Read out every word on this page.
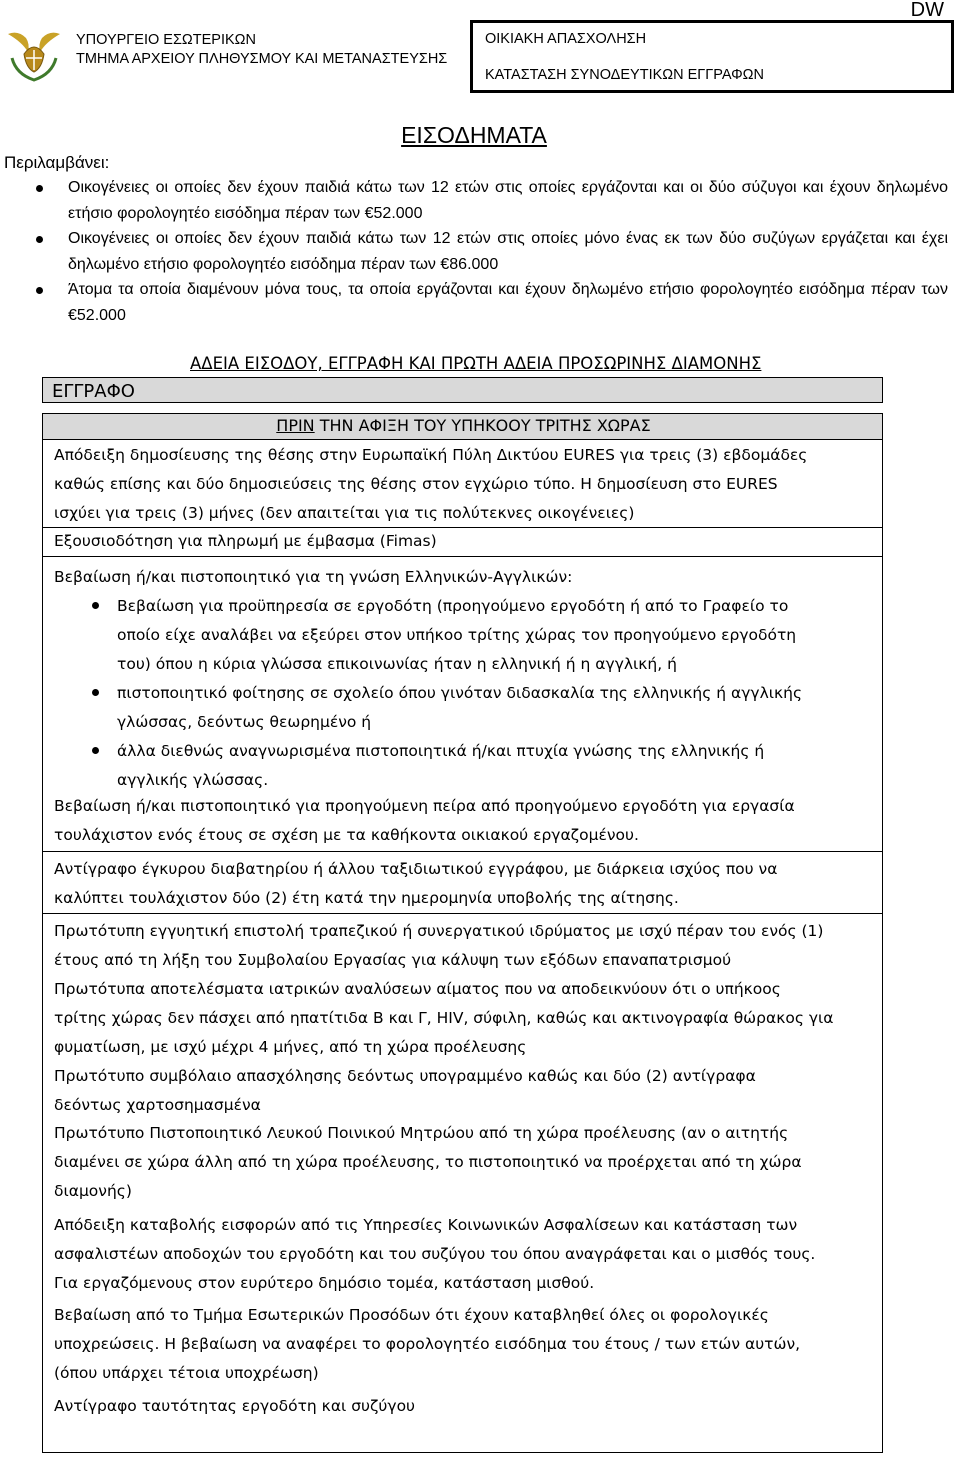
DW
ΥΠΟΥΡΓΕΙΟ ΕΣΩΤΕΡΙΚΩΝ
ΤΜΗΜΑ ΑΡΧΕΙΟΥ ΠΛΗΘΥΣΜΟΥ ΚΑΙ ΜΕΤΑΝΑΣΤΕΥΣΗΣ
ΟΙΚΙΑΚΗ ΑΠΑΣΧΟΛΗΣΗ
ΚΑΤΑΣΤΑΣΗ ΣΥΝΟΔΕΥΤΙΚΩΝ ΕΓΓΡΑΦΩΝ
ΕΙΣΟΔΗΜΑΤΑ
Περιλαμβάνει:
Οικογένειες οι οποίες δεν έχουν παιδιά κάτω των 12 ετών στις οποίες εργάζονται και οι δύο σύζυγοι και έχουν δηλωμένο ετήσιο φορολογητέο εισόδημα πέραν των €52.000
Οικογένειες οι οποίες δεν έχουν παιδιά κάτω των 12 ετών στις οποίες μόνο ένας εκ των δύο συζύγων εργάζεται και έχει δηλωμένο ετήσιο φορολογητέο εισόδημα πέραν των €86.000
Άτομα τα οποία διαμένουν μόνα τους, τα οποία εργάζονται και έχουν δηλωμένο ετήσιο φορολογητέο εισόδημα πέραν των €52.000
ΑΔΕΙΑ ΕΙΣΟΔΟΥ, ΕΓΓΡΑΦΗ ΚΑΙ ΠΡΩΤΗ ΑΔΕΙΑ ΠΡΟΣΩΡΙΝΗΣ ΔΙΑΜΟΝΗΣ
ΕΓΓΡΑΦΟ
ΠΡΙΝ ΤΗΝ ΑΦΙΞΗ ΤΟΥ ΥΠΗΚΟΟΥ ΤΡΙΤΗΣ ΧΩΡΑΣ
Απόδειξη δημοσίευσης της θέσης στην Ευρωπαϊκή Πύλη Δικτύου EURES για τρεις (3) εβδομάδες
καθώς επίσης και δύο δημοσιεύσεις της θέσης στον εγχώριο τύπο. Η δημοσίευση στο EURES
ισχύει για τρεις (3) μήνες (δεν απαιτείται για τις πολύτεκνες οικογένειες)
Εξουσιοδότηση για πληρωμή με έμβασμα (Fimas)
Βεβαίωση ή/και πιστοποιητικό για τη γνώση Ελληνικών-Αγγλικών:
Βεβαίωση για προϋπηρεσία σε εργοδότη (προηγούμενο εργοδότη ή από το Γραφείο το
οποίο είχε αναλάβει να εξεύρει στον υπήκοο τρίτης χώρας τον προηγούμενο εργοδότη
του) όπου η κύρια γλώσσα επικοινωνίας ήταν η ελληνική ή η αγγλική, ή
πιστοποιητικό φοίτησης σε σχολείο όπου γινόταν διδασκαλία της ελληνικής ή αγγλικής
γλώσσας, δεόντως θεωρημένο ή
άλλα διεθνώς αναγνωρισμένα πιστοποιητικά ή/και πτυχία γνώσης της ελληνικής ή
αγγλικής γλώσσας.
Βεβαίωση ή/και πιστοποιητικό για προηγούμενη πείρα από προηγούμενο εργοδότη για εργασία
τουλάχιστον ενός έτους σε σχέση με τα καθήκοντα οικιακού εργαζομένου.
Αντίγραφο έγκυρου διαβατηρίου ή άλλου ταξιδιωτικού εγγράφου, με διάρκεια ισχύος που να
καλύπτει τουλάχιστον δύο (2) έτη κατά την ημερομηνία υποβολής της αίτησης.
Πρωτότυπη εγγυητική επιστολή τραπεζικού ή συνεργατικού ιδρύματος με ισχύ πέραν του ενός (1)
έτους από τη λήξη του Συμβολαίου Εργασίας για κάλυψη των εξόδων επαναπατρισμού
Πρωτότυπα αποτελέσματα ιατρικών αναλύσεων αίματος που να αποδεικνύουν ότι ο υπήκοος
τρίτης χώρας δεν πάσχει από ηπατίτιδα Β και Γ, HIV, σύφιλη, καθώς και ακτινογραφία θώρακος για
φυματίωση, με ισχύ μέχρι 4 μήνες, από τη χώρα προέλευσης
Πρωτότυπο συμβόλαιο απασχόλησης δεόντως υπογραμμένο καθώς και δύο (2) αντίγραφα
δεόντως χαρτοσημασμένα
Πρωτότυπο Πιστοποιητικό Λευκού Ποινικού Μητρώου από τη χώρα προέλευσης (αν ο αιτητής
διαμένει σε χώρα άλλη από τη χώρα προέλευσης, το πιστοποιητικό να προέρχεται από τη χώρα
διαμονής)
Απόδειξη καταβολής εισφορών από τις Υπηρεσίες Κοινωνικών Ασφαλίσεων και κατάσταση των
ασφαλιστέων αποδοχών του εργοδότη και του συζύγου του όπου αναγράφεται και ο μισθός τους.
Για εργαζόμενους στον ευρύτερο δημόσιο τομέα, κατάσταση μισθού.
Βεβαίωση από το Τμήμα Εσωτερικών Προσόδων ότι έχουν καταβληθεί όλες οι φορολογικές
υποχρεώσεις. Η βεβαίωση να αναφέρει το φορολογητέο εισόδημα του έτους / των ετών αυτών,
(όπου υπάρχει τέτοια υποχρέωση)
Αντίγραφο ταυτότητας εργοδότη και συζύγου
